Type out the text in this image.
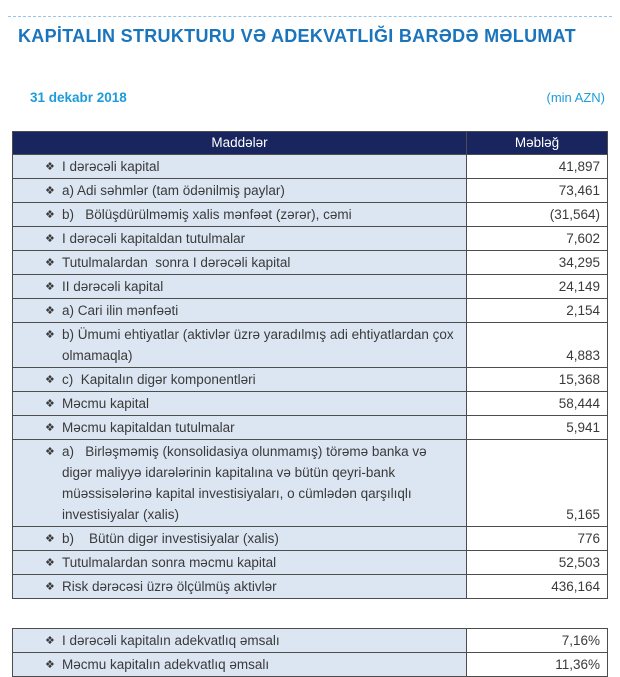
KAPİTALIN STRUKTURU VƏ ADEKVATLIĞI BARƏDƏ MƏLUMAT
31 dekabr 2018	(min AZN)
Maddələr	Məbləğ
❖ I dərəcəli kapital	41,897
❖ a) Adi səhmlər (tam ödənilmiş paylar)	73,461
❖ b)   Bölüşdürülməmiş xalis mənfəət (zərər), cəmi	(31,564)
❖ I dərəcəli kapitaldan tutulmalar	7,602
❖ Tutulmalardan  sonra I dərəcəli kapital	34,295
❖ II dərəcəli kapital	24,149
❖ a) Cari ilin mənfəəti	2,154
❖ b) Ümumi ehtiyatlar (aktivlər üzrə yaradılmış adi ehtiyatlardan çox olmamaqla)	4,883
❖ c)  Kapitalın digər komponentləri	15,368
❖ Məcmu kapital	58,444
❖ Məcmu kapitaldan tutulmalar	5,941
❖ a)   Birləşməmiş (konsolidasiya olunmamış) törəmə banka və digər maliyyə idarələrinin kapitalına və bütün qeyri-bank müəssisələrinə kapital investisiyaları, o cümlədən qarşılıqlı investisiyalar (xalis)	5,165
❖ b)    Bütün digər investisiyalar (xalis)	776
❖ Tutulmalardan sonra məcmu kapital	52,503
❖ Risk dərəcəsi üzrə ölçülmüş aktivlər	436,164
❖ I dərəcəli kapitalın adekvatlıq əmsalı	7,16%
❖ Məcmu kapitalın adekvatlıq əmsalı	11,36%
